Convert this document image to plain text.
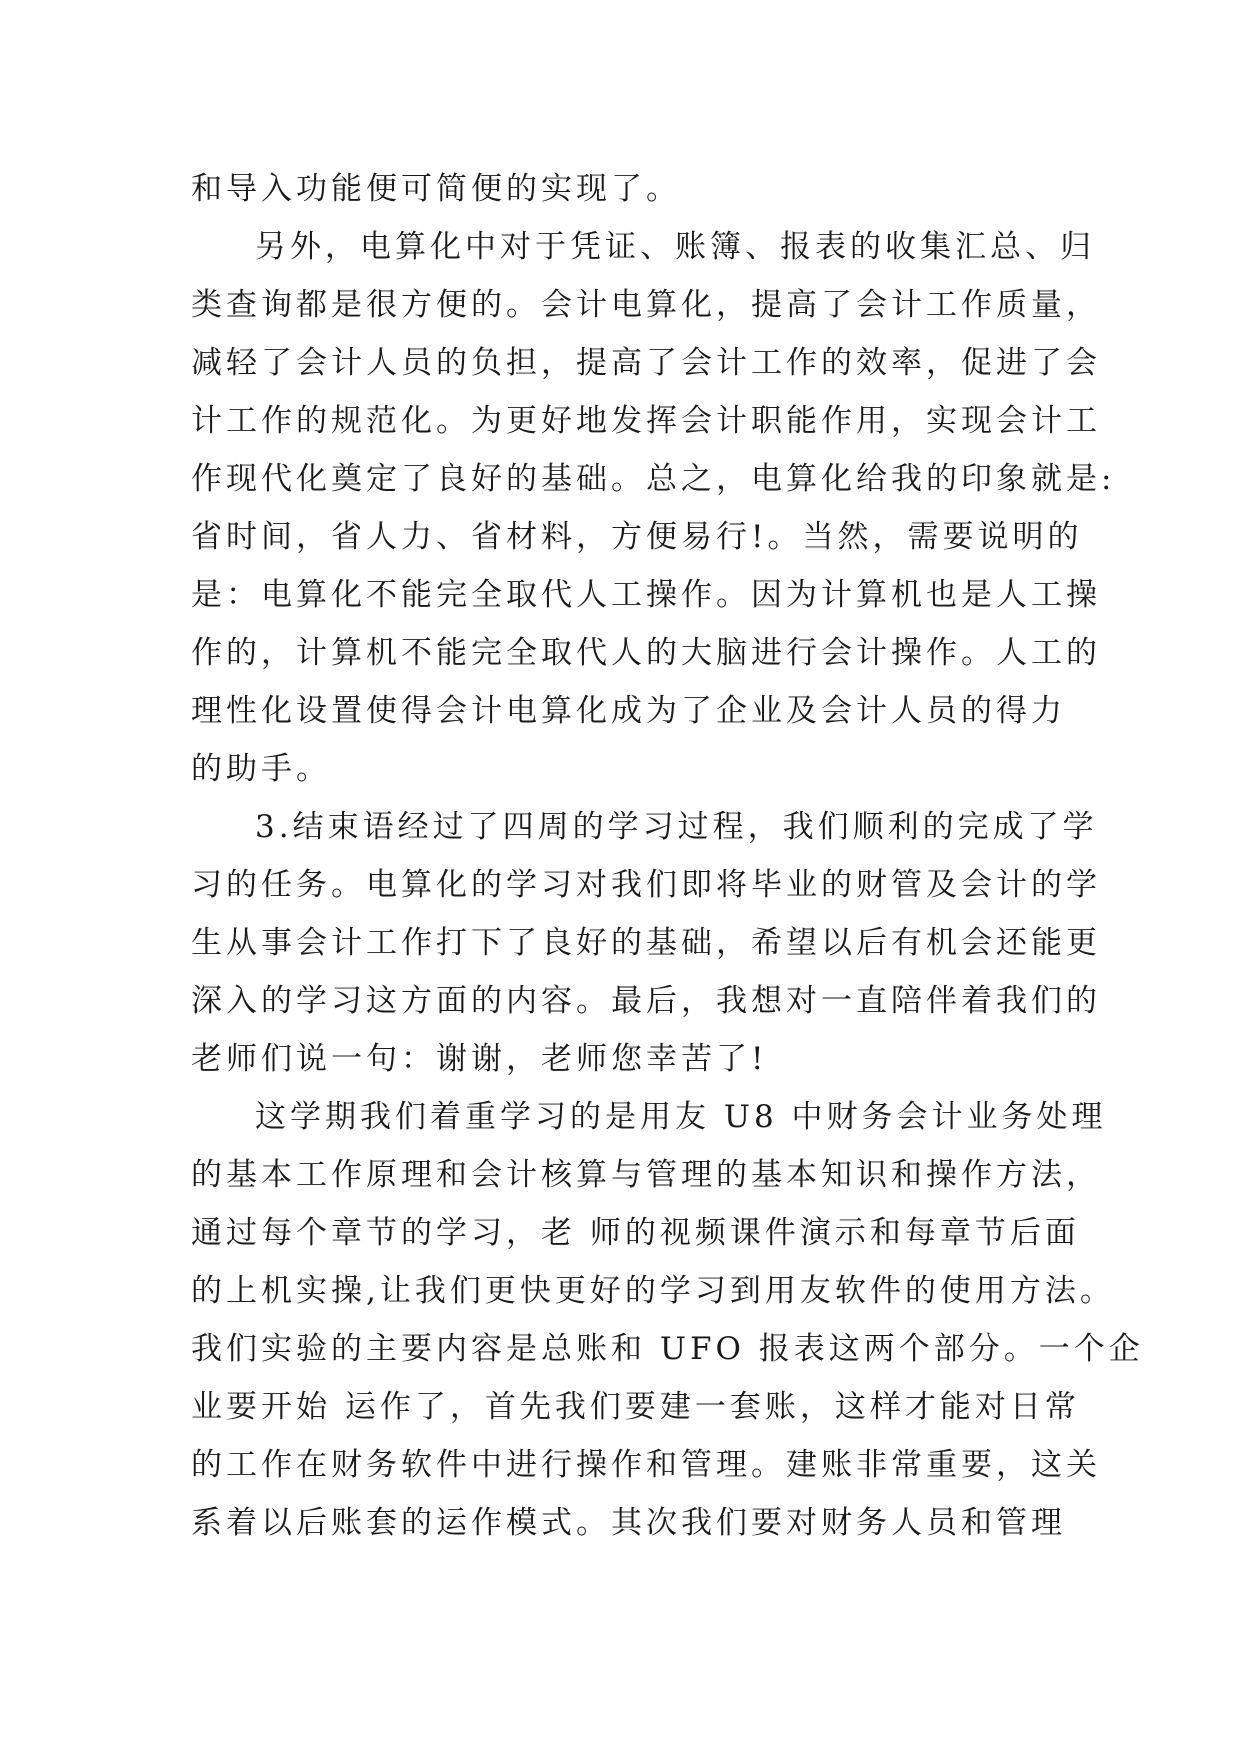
和导入功能便可简便的实现了。
另外，电算化中对于凭证、账簿、报表的收集汇总、归
类查询都是很方便的。会计电算化，提高了会计工作质量，
减轻了会计人员的负担，提高了会计工作的效率，促进了会
计工作的规范化。为更好地发挥会计职能作用，实现会计工
作现代化奠定了良好的基础。总之，电算化给我的印象就是:
省时间，省人力、省材料，方便易行!。当然，需要说明的
是：电算化不能完全取代人工操作。因为计算机也是人工操
作的，计算机不能完全取代人的大脑进行会计操作。人工的
理性化设置使得会计电算化成为了企业及会计人员的得力
的助手。
3.结束语经过了四周的学习过程，我们顺利的完成了学
习的任务。电算化的学习对我们即将毕业的财管及会计的学
生从事会计工作打下了良好的基础，希望以后有机会还能更
深入的学习这方面的内容。最后，我想对一直陪伴着我们的
老师们说一句：谢谢，老师您幸苦了!
这学期我们着重学习的是用友 U8 中财务会计业务处理
的基本工作原理和会计核算与管理的基本知识和操作方法，
通过每个章节的学习，老 师的视频课件演示和每章节后面
的上机实操,让我们更快更好的学习到用友软件的使用方法。
我们实验的主要内容是总账和 UFO 报表这两个部分。一个企
业要开始 运作了，首先我们要建一套账，这样才能对日常
的工作在财务软件中进行操作和管理。建账非常重要，这关
系着以后账套的运作模式。其次我们要对财务人员和管理
